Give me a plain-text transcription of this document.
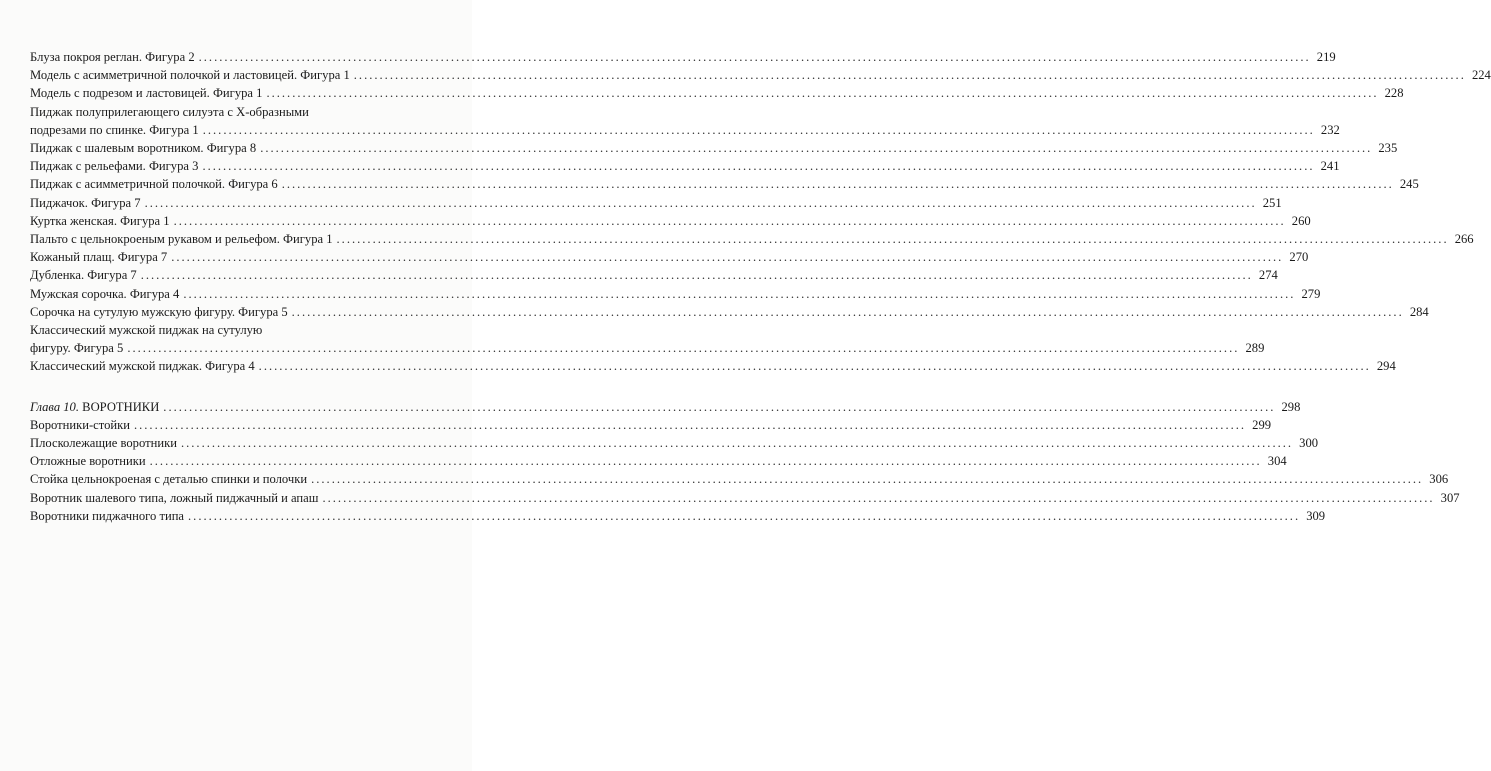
Блуза покроя реглан. Фигура 2 .....	219
Модель с асимметричной полочкой и ластовицей. Фигура 1 .....	224
Модель с подрезом и ластовицей. Фигура 1 .....	228
Пиджак полуприлегающего силуэта с Х-образными
подрезами по спинке. Фигура 1 .....	232
Пиджак с шалевым воротником. Фигура 8 .....	235
Пиджак с рельефами. Фигура 3 .....	241
Пиджак с асимметричной полочкой. Фигура 6 .....	245
Пиджачок. Фигура 7 .....	251
Куртка женская. Фигура 1 .....	260
Пальто с цельнокроеным рукавом и рельефом. Фигура 1 .....	266
Кожаный плащ. Фигура 7 .....	270
Дубленка. Фигура 7 .....	274
Мужская сорочка. Фигура 4 .....	279
Сорочка на сутулую мужскую фигуру. Фигура 5 .....	284
Классический мужской пиджак на сутулую
фигуру. Фигура 5 .....	289
Классический мужской пиджак. Фигура 4 .....	294
Глава 10. ВОРОТНИКИ .....	298
Воротники-стойки .....	299
Плосколежащие воротники .....	300
Отложные воротники .....	304
Стойка цельнокроеная с деталью спинки и полочки .....	306
Воротник шалевого типа, ложный пиджачный и апаш .....	307
Воротники пиджачного типа .....	309
